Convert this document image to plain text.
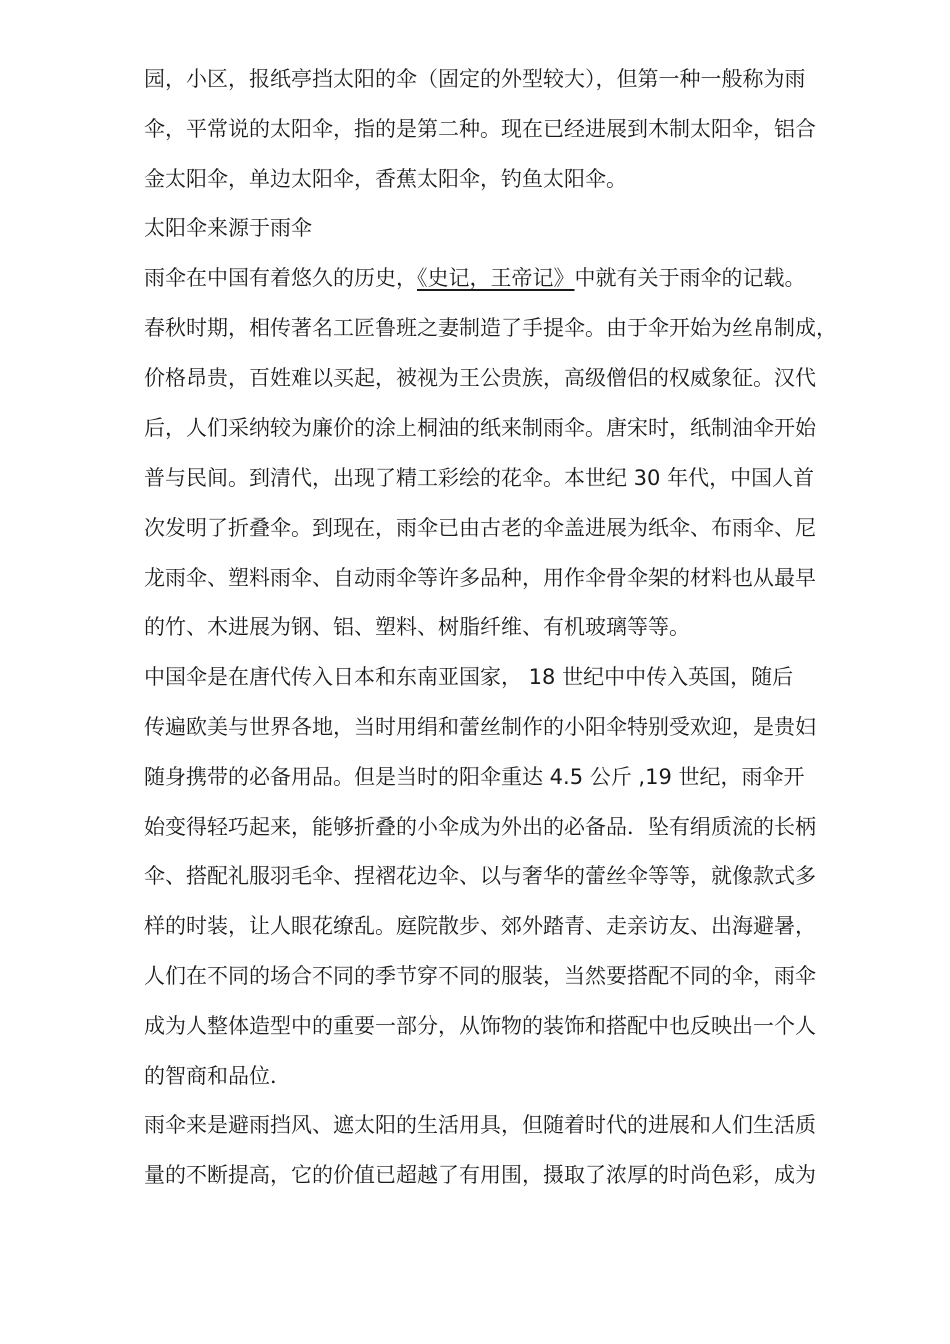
园，小区，报纸亭挡太阳的伞（固定的外型较大），但第一种一般称为雨
伞，平常说的太阳伞，指的是第二种。现在已经进展到木制太阳伞，铝合
金太阳伞，单边太阳伞，香蕉太阳伞，钓鱼太阳伞。
太阳伞来源于雨伞
雨伞在中国有着悠久的历史，《史记，王帝记》中就有关于雨伞的记载。
春秋时期，相传著名工匠鲁班之妻制造了手提伞。由于伞开始为丝帛制成，
价格昂贵，百姓难以买起，被视为王公贵族，高级僧侣的权威象征。汉代
后，人们采纳较为廉价的涂上桐油的纸来制雨伞。唐宋时，纸制油伞开始
普与民间。到清代，出现了精工彩绘的花伞。本世纪 30 年代，中国人首
次发明了折叠伞。到现在，雨伞已由古老的伞盖进展为纸伞、布雨伞、尼
龙雨伞、塑料雨伞、自动雨伞等许多品种，用作伞骨伞架的材料也从最早
的竹、木进展为钢、铝、塑料、树脂纤维、有机玻璃等等。
中国伞是在唐代传入日本和东南亚国家， 18 世纪中中传入英国，随后
传遍欧美与世界各地，当时用绢和蕾丝制作的小阳伞特别受欢迎，是贵妇
随身携带的必备用品。但是当时的阳伞重达 4.5 公斤 ,19 世纪，雨伞开
始变得轻巧起来，能够折叠的小伞成为外出的必备品．坠有绢质流的长柄
伞、搭配礼服羽毛伞、捏褶花边伞、以与奢华的蕾丝伞等等，就像款式多
样的时装，让人眼花缭乱。庭院散步、郊外踏青、走亲访友、出海避暑，
人们在不同的场合不同的季节穿不同的服装，当然要搭配不同的伞，雨伞
成为人整体造型中的重要一部分，从饰物的装饰和搭配中也反映出一个人
的智商和品位．
雨伞来是避雨挡风、遮太阳的生活用具，但随着时代的进展和人们生活质
量的不断提高，它的价值已超越了有用围，摄取了浓厚的时尚色彩，成为
